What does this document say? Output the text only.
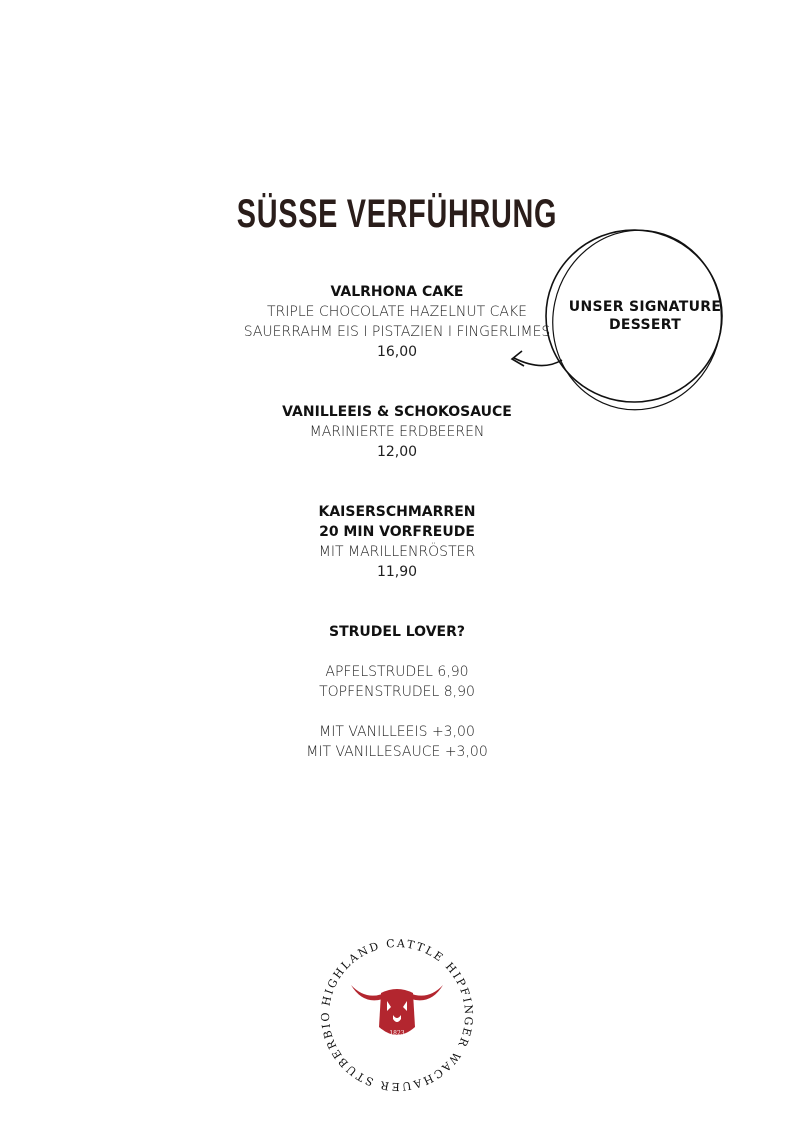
SÜSSE VERFÜHRUNG
UNSER SIGNATURE
DESSERT
VALRHONA CAKE
TRIPLE CHOCOLATE HAZELNUT CAKE
SAUERRAHM EIS I PISTAZIEN I FINGERLIMES
16,00
VANILLEEIS & SCHOKOSAUCE
MARINIERTE ERDBEEREN
12,00
KAISERSCHMARREN
20 MIN VORFREUDE
MIT MARILLENRÖSTER
11,90
STRUDEL LOVER?
APFELSTRUDEL 6,90
TOPFENSTRUDEL 8,90
MIT VANILLEEIS +3,00
MIT VANILLESAUCE +3,00
HIGHLAND CATTLE HIPFINGER WACHAUER STUBERBIO
1823
